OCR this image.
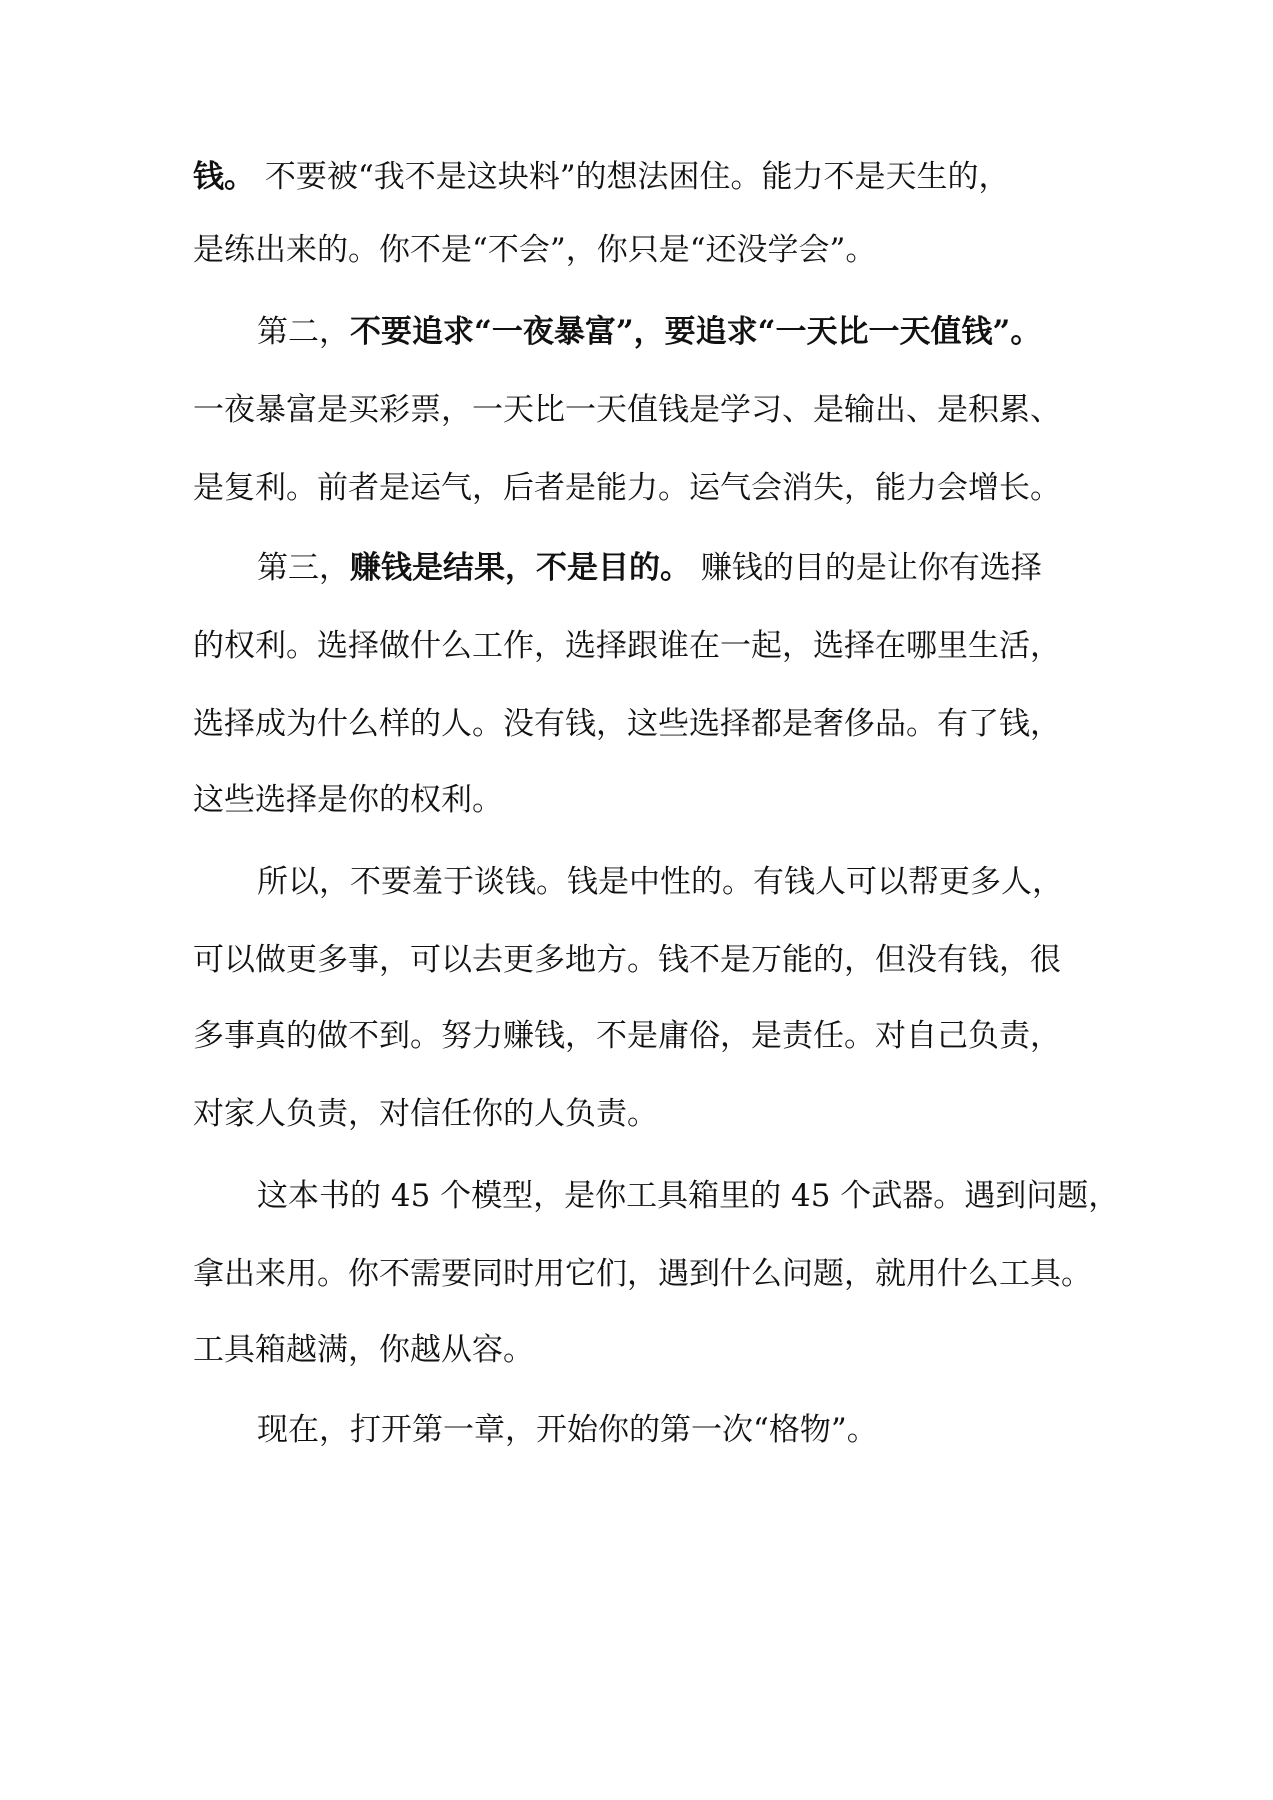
钱。 不要被“我不是这块料”的想法困住。能力不是天生的，
是练出来的。你不是“不会”，你只是“还没学会”。
第二，不要追求“一夜暴富”，要追求“一天比一天值钱”。
一夜暴富是买彩票，一天比一天值钱是学习、是输出、是积累、
是复利。前者是运气，后者是能力。运气会消失，能力会增长。
第三，赚钱是结果，不是目的。 赚钱的目的是让你有选择
的权利。选择做什么工作，选择跟谁在一起，选择在哪里生活，
选择成为什么样的人。没有钱，这些选择都是奢侈品。有了钱，
这些选择是你的权利。
所以，不要羞于谈钱。钱是中性的。有钱人可以帮更多人，
可以做更多事，可以去更多地方。钱不是万能的，但没有钱，很
多事真的做不到。努力赚钱，不是庸俗，是责任。对自己负责，
对家人负责，对信任你的人负责。
这本书的 45 个模型，是你工具箱里的 45 个武器。遇到问题，
拿出来用。你不需要同时用它们，遇到什么问题，就用什么工具。
工具箱越满，你越从容。
现在，打开第一章，开始你的第一次“格物”。
